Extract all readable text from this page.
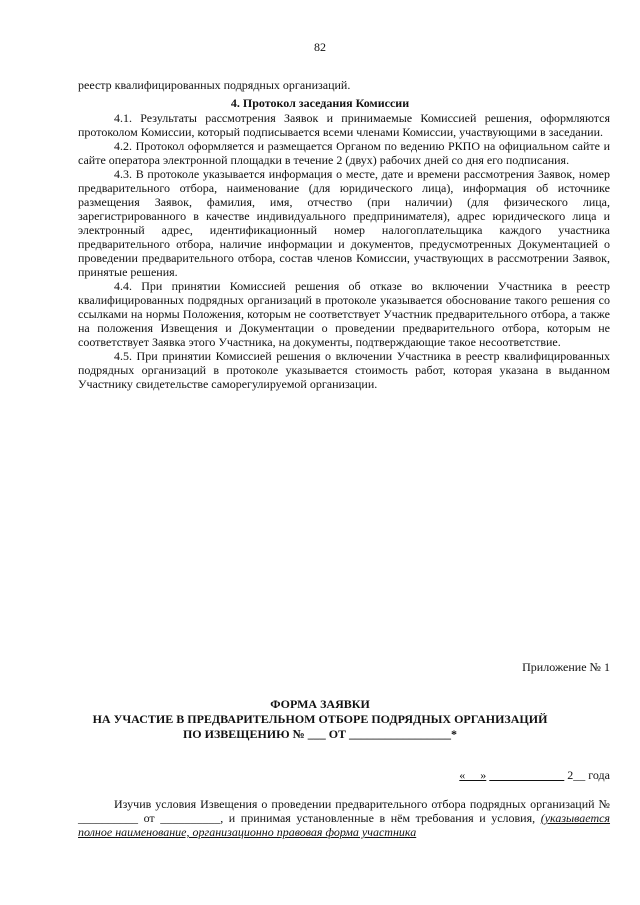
82

реестр квалифицированных подрядных организаций.

4. Протокол заседания Комиссии

4.1. Результаты рассмотрения Заявок и принимаемые Комиссией решения, оформляются протоколом Комиссии, который подписывается всеми членами Комиссии, участвующими в заседании.

4.2. Протокол оформляется и размещается Органом по ведению РКПО на официальном сайте и сайте оператора электронной площадки в течение 2 (двух) рабочих дней со дня его подписания.

4.3. В протоколе указывается информация о месте, дате и времени рассмотрения Заявок, номер предварительного отбора, наименование (для юридического лица), информация об источнике размещения Заявок, фамилия, имя, отчество (при наличии) (для физического лица, зарегистрированного в качестве индивидуального предпринимателя), адрес юридического лица и электронный адрес, идентификационный номер налогоплательщика каждого участника предварительного отбора, наличие информации и документов, предусмотренных Документацией о проведении предварительного отбора, состав членов Комиссии, участвующих в рассмотрении Заявок, принятые решения.

4.4. При принятии Комиссией решения об отказе во включении Участника в реестр квалифицированных подрядных организаций в протоколе указывается обоснование такого решения со ссылками на нормы Положения, которым не соответствует Участник предварительного отбора, а также на положения Извещения и Документации о проведении предварительного отбора, которым не соответствует Заявка этого Участника, на документы, подтверждающие такое несоответствие.

4.5. При принятии Комиссией решения о включении Участника в реестр квалифицированных подрядных организаций в протоколе указывается стоимость работ, которая указана в выданном Участнику свидетельстве саморегулируемой организации.

Приложение № 1
ФОРМА ЗАЯВКИ
НА УЧАСТИЕ В ПРЕДВАРИТЕЛЬНОМ ОТБОРЕ ПОДРЯДНЫХ ОРГАНИЗАЦИЙ
ПО ИЗВЕЩЕНИЮ № ___ ОТ _________________*
«     »	2__ года

Изучив условия Извещения о проведении предварительного отбора подрядных организаций № __________ от __________, и принимая установленные в нём требования и условия, (указывается полное наименование, организационно правовая форма участника
